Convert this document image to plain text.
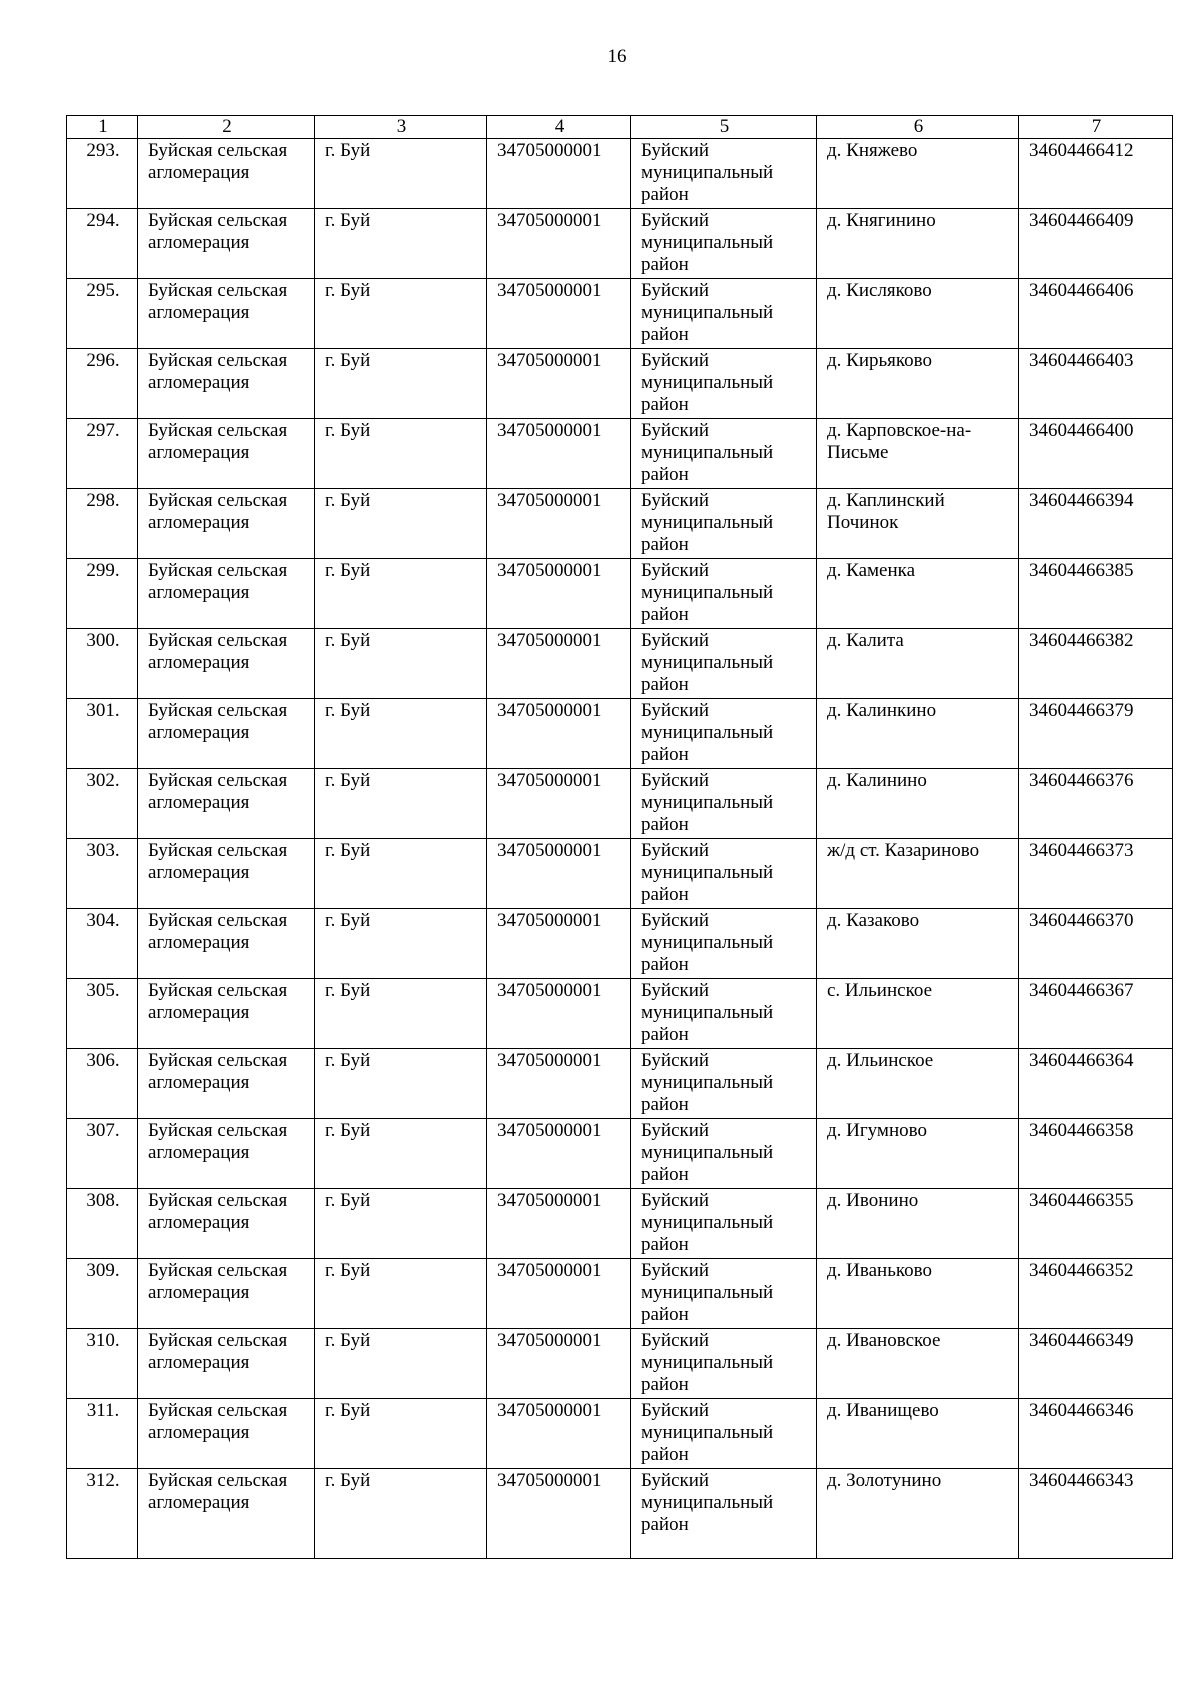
16
1	2	3	4	5	6	7
293.	Буйская сельская агломерация	г. Буй	34705000001	Буйский муниципальный район	д. Княжево	34604466412
294.	Буйская сельская агломерация	г. Буй	34705000001	Буйский муниципальный район	д. Княгинино	34604466409
295.	Буйская сельская агломерация	г. Буй	34705000001	Буйский муниципальный район	д. Кисляково	34604466406
296.	Буйская сельская агломерация	г. Буй	34705000001	Буйский муниципальный район	д. Кирьяково	34604466403
297.	Буйская сельская агломерация	г. Буй	34705000001	Буйский муниципальный район	д. Карповское-на-Письме	34604466400
298.	Буйская сельская агломерация	г. Буй	34705000001	Буйский муниципальный район	д. Каплинский Починок	34604466394
299.	Буйская сельская агломерация	г. Буй	34705000001	Буйский муниципальный район	д. Каменка	34604466385
300.	Буйская сельская агломерация	г. Буй	34705000001	Буйский муниципальный район	д. Калита	34604466382
301.	Буйская сельская агломерация	г. Буй	34705000001	Буйский муниципальный район	д. Калинкино	34604466379
302.	Буйская сельская агломерация	г. Буй	34705000001	Буйский муниципальный район	д. Калинино	34604466376
303.	Буйская сельская агломерация	г. Буй	34705000001	Буйский муниципальный район	ж/д ст. Казариново	34604466373
304.	Буйская сельская агломерация	г. Буй	34705000001	Буйский муниципальный район	д. Казаково	34604466370
305.	Буйская сельская агломерация	г. Буй	34705000001	Буйский муниципальный район	с. Ильинское	34604466367
306.	Буйская сельская агломерация	г. Буй	34705000001	Буйский муниципальный район	д. Ильинское	34604466364
307.	Буйская сельская агломерация	г. Буй	34705000001	Буйский муниципальный район	д. Игумново	34604466358
308.	Буйская сельская агломерация	г. Буй	34705000001	Буйский муниципальный район	д. Ивонино	34604466355
309.	Буйская сельская агломерация	г. Буй	34705000001	Буйский муниципальный район	д. Иваньково	34604466352
310.	Буйская сельская агломерация	г. Буй	34705000001	Буйский муниципальный район	д. Ивановское	34604466349
311.	Буйская сельская агломерация	г. Буй	34705000001	Буйский муниципальный район	д. Иванищево	34604466346
312.	Буйская сельская агломерация	г. Буй	34705000001	Буйский муниципальный район	д. Золотунино	34604466343
